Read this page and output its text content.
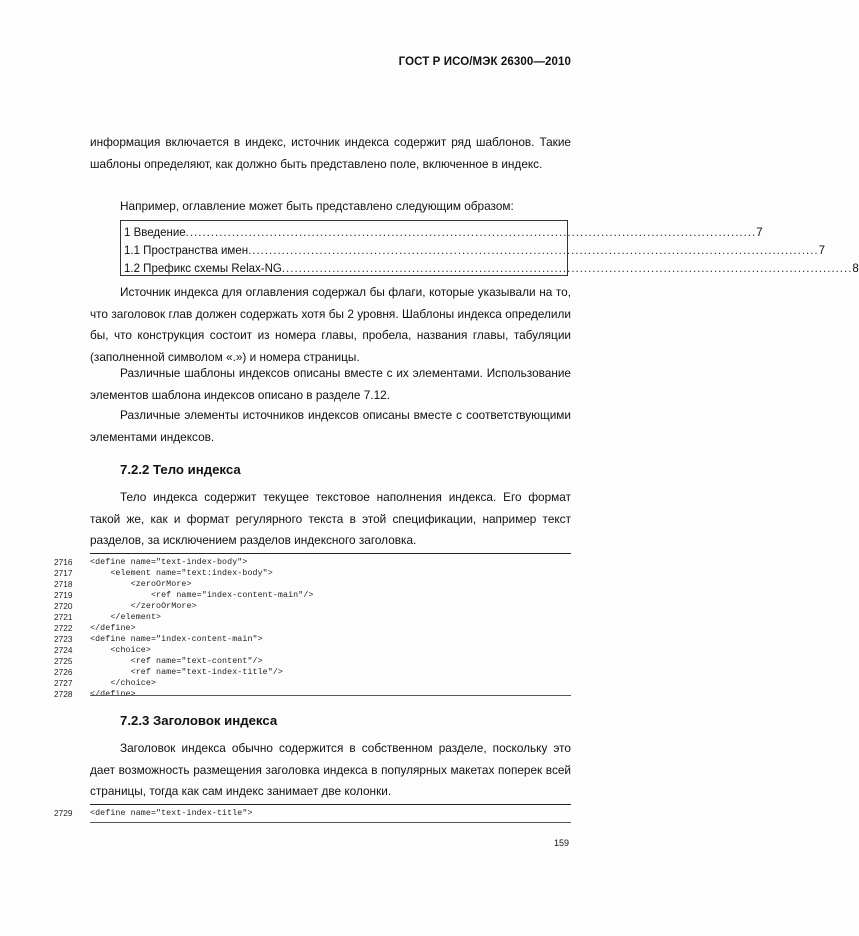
ГОСТ Р ИСО/МЭК 26300—2010
информация включается в индекс, источник индекса содержит ряд шаблонов. Такие шаблоны определяют, как должно быть представлено поле, включенное в индекс.
Например, оглавление может быть представлено следующим образом:
1 Введение ........................................................................................................................................ 7
1.1 Пространства имен ........................................................................................................................................ 7
1.2 Префикс схемы Relax-NG ........................................................................................................................................ 8
Источник индекса для оглавления содержал бы флаги, которые указывали на то, что заголовок глав должен содержать хотя бы 2 уровня. Шаблоны индекса определили бы, что конструкция состоит из номера главы, пробела, названия главы, табуляции (заполненной символом «.») и номера страницы.
Различные шаблоны индексов описаны вместе с их элементами. Использование элементов шаблона индексов описано в разделе 7.12.
Различные элементы источников индексов описаны вместе с соответствующими элементами индексов.
7.2.2 Тело индекса
Тело индекса содержит текущее текстовое наполнения индекса. Его формат такой же, как и формат регулярного текста в этой спецификации, например текст разделов, за исключением разделов индексного заголовка.
2716	<define name="text-index-body">
2717	<element name="text:index-body">
2718	<zeroOrMore>
2719	<ref name="index-content-main"/>
2720	</zeroOrMore>
2721	</element>
2722	</define>
2723	<define name="index-content-main">
2724	<choice>
2725	<ref name="text-content"/>
2726	<ref name="text-index-title"/>
2727	</choice>
2728	</define>
7.2.3 Заголовок индекса
Заголовок индекса обычно содержится в собственном разделе, поскольку это дает возможность размещения заголовка индекса в популярных макетах поперек всей страницы, тогда как сам индекс занимает две колонки.
2729	<define name="text-index-title">
159
